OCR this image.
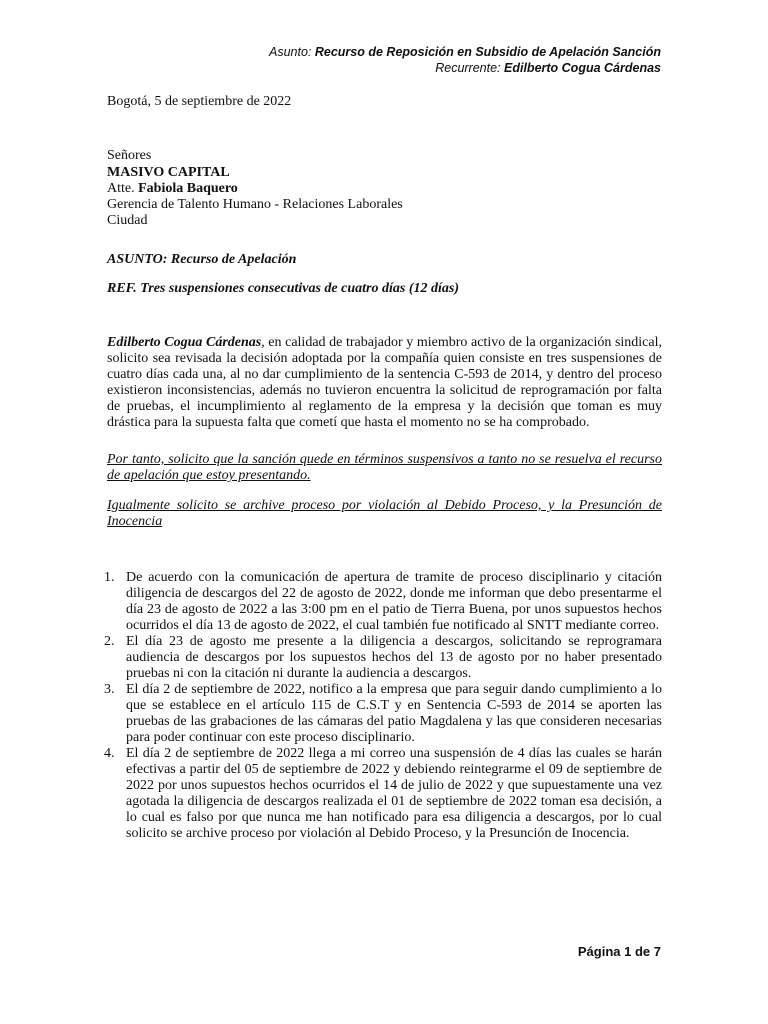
Asunto: Recurso de Reposición en Subsidio de Apelación Sanción
Recurrente: Edilberto Cogua Cárdenas
Bogotá, 5 de septiembre de 2022
Señores
MASIVO CAPITAL
Atte. Fabiola Baquero
Gerencia de Talento Humano - Relaciones Laborales
Ciudad
ASUNTO: Recurso de Apelación
REF. Tres suspensiones consecutivas de cuatro días (12 días)
Edilberto Cogua Cárdenas, en calidad de trabajador y miembro activo de la organización sindical, solicito sea revisada la decisión adoptada por la compañía quien consiste en tres suspensiones de cuatro días cada una, al no dar cumplimiento de la sentencia C-593 de 2014, y dentro del proceso existieron inconsistencias, además no tuvieron encuentra la solicitud de reprogramación por falta de pruebas, el incumplimiento al reglamento de la empresa y la decisión que toman es muy drástica para la supuesta falta que cometí que hasta el momento no se ha comprobado.
Por tanto, solicito que la sanción quede en términos suspensivos a tanto no se resuelva el recurso de apelación que estoy presentando.
Igualmente solicito se archive proceso por violación al Debido Proceso, y la Presunción de Inocencia
1. De acuerdo con la comunicación de apertura de tramite de proceso disciplinario y citación diligencia de descargos del 22 de agosto de 2022, donde me informan que debo presentarme el día 23 de agosto de 2022 a las 3:00 pm en el patio de Tierra Buena, por unos supuestos hechos ocurridos el día 13 de agosto de 2022, el cual también fue notificado al SNTT mediante correo.
2. El día 23 de agosto me presente a la diligencia a descargos, solicitando se reprogramara audiencia de descargos por los supuestos hechos del 13 de agosto por no haber presentado pruebas ni con la citación ni durante la audiencia a descargos.
3. El día 2 de septiembre de 2022, notifico a la empresa que para seguir dando cumplimiento a lo que se establece en el artículo 115 de C.S.T y en Sentencia C-593 de 2014 se aporten las pruebas de las grabaciones de las cámaras del patio Magdalena y las que consideren necesarias para poder continuar con este proceso disciplinario.
4. El día 2 de septiembre de 2022 llega a mi correo una suspensión de 4 días las cuales se harán efectivas a partir del 05 de septiembre de 2022 y debiendo reintegrarme el 09 de septiembre de 2022 por unos supuestos hechos ocurridos el 14 de julio de 2022 y que supuestamente una vez agotada la diligencia de descargos realizada el 01 de septiembre de 2022 toman esa decisión, a lo cual es falso por que nunca me han notificado para esa diligencia a descargos, por lo cual solicito se archive proceso por violación al Debido Proceso, y la Presunción de Inocencia.
Página 1 de 7
